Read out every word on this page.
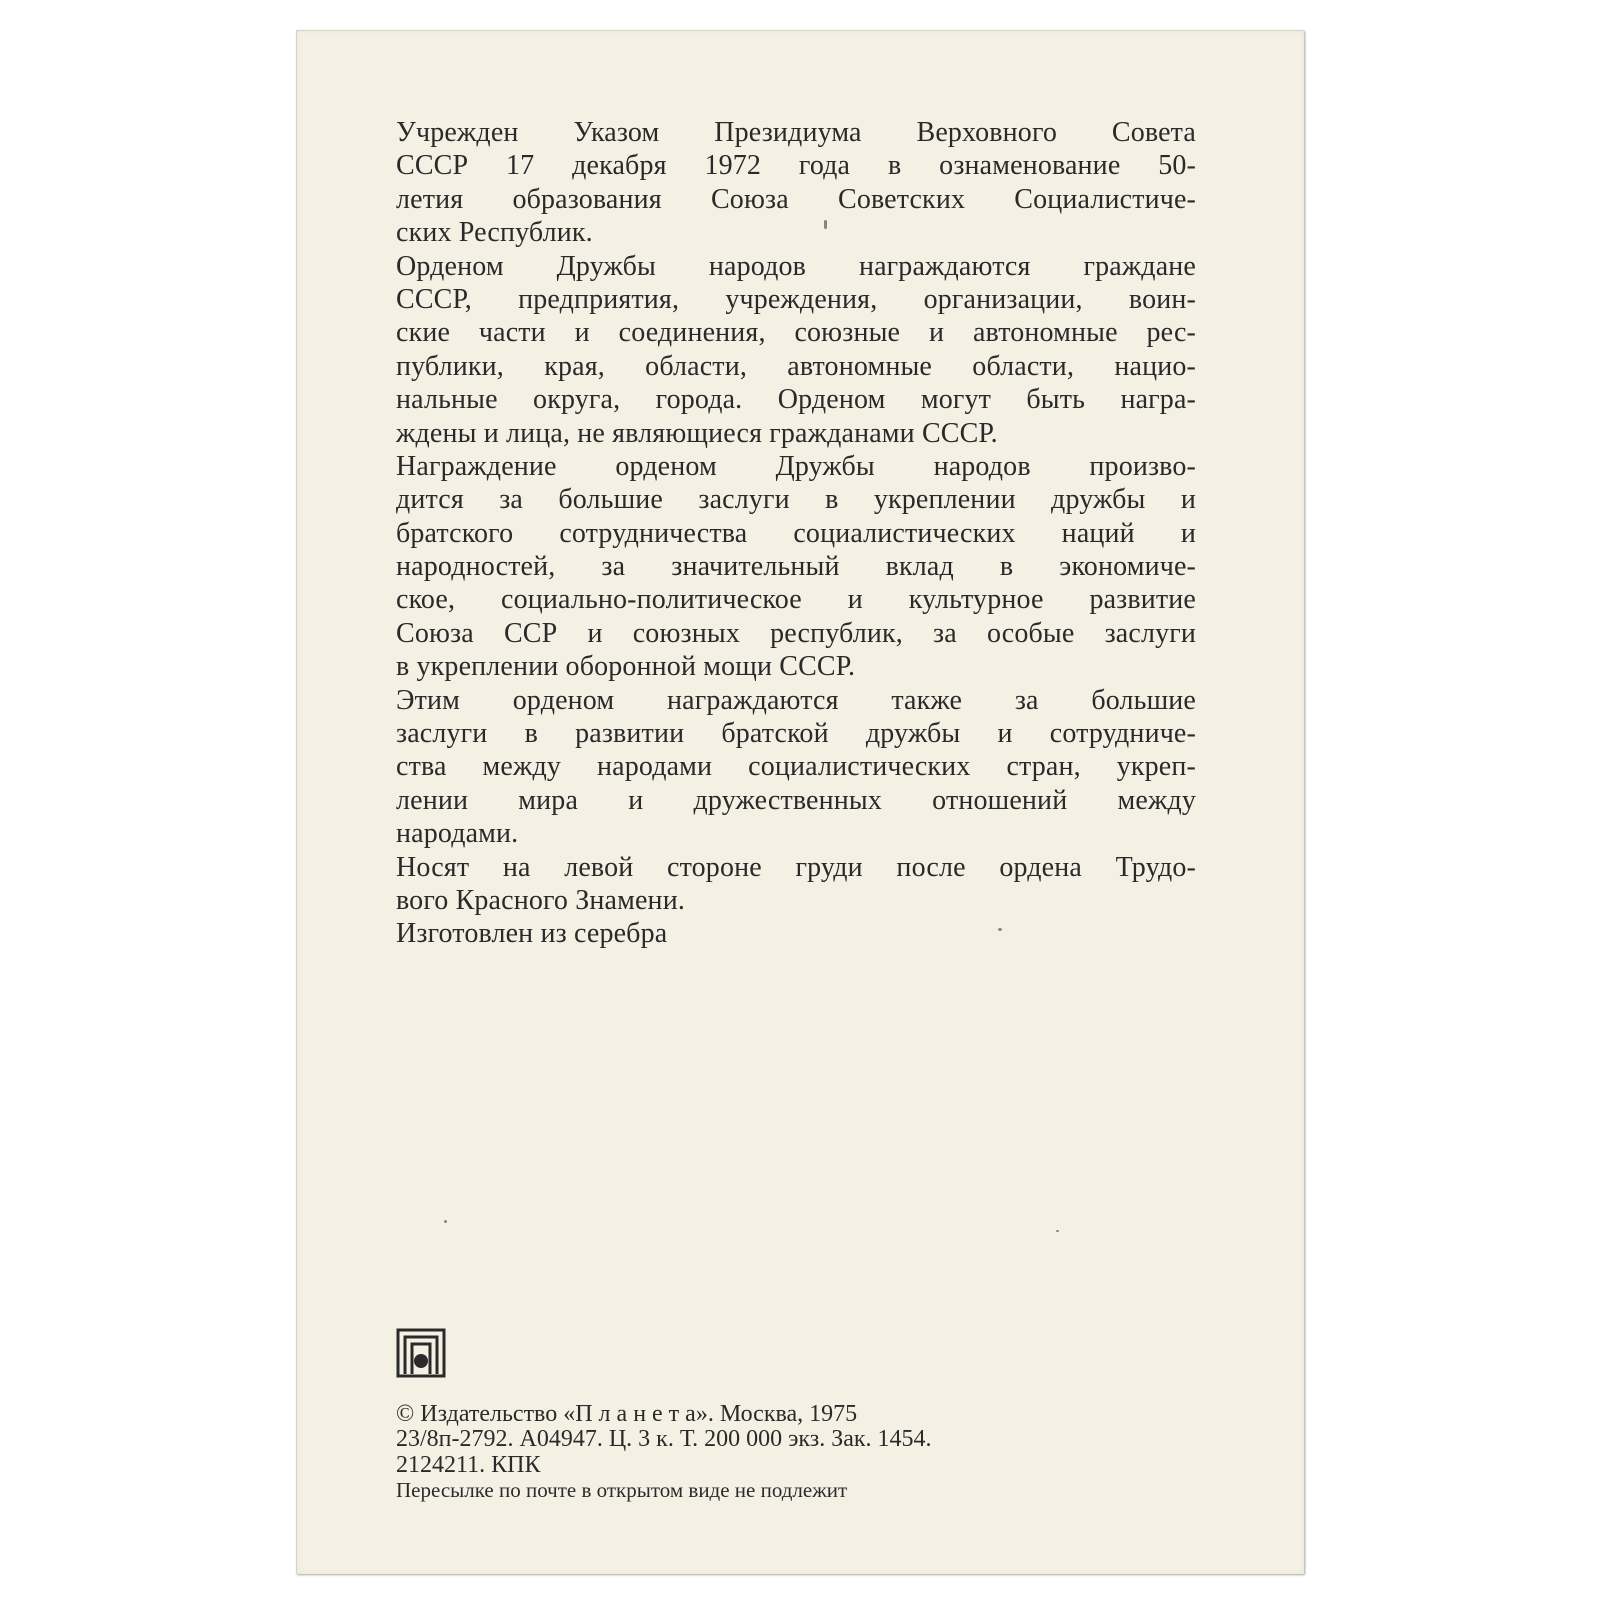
Учрежден Указом Президиума Верховного Совета
СССР 17 декабря 1972 года в ознаменование 50-
летия образования Союза Советских Социалистиче-
ских Республик.
Орденом Дружбы народов награждаются граждане
СССР, предприятия, учреждения, организации, воин-
ские части и соединения, союзные и автономные рес-
публики, края, области, автономные области, нацио-
нальные округа, города. Орденом могут быть награ-
ждены и лица, не являющиеся гражданами СССР.
Награждение орденом Дружбы народов произво-
дится за большие заслуги в укреплении дружбы и
братского сотрудничества социалистических наций и
народностей, за значительный вклад в экономиче-
ское, социально-политическое и культурное развитие
Союза ССР и союзных республик, за особые заслуги
в укреплении оборонной мощи СССР.
Этим орденом награждаются также за большие
заслуги в развитии братской дружбы и сотрудниче-
ства между народами социалистических стран, укреп-
лении мира и дружественных отношений между
народами.
Носят на левой стороне груди после ордена Трудо-
вого Красного Знамени.
Изготовлен из серебра
© Издательство «П л а н е т а». Москва, 1975
23/8п-2792. А04947. Ц. 3 к. Т. 200 000 экз. Зак. 1454.
2124211. КПК
Пересылке по почте в открытом виде не подлежит
